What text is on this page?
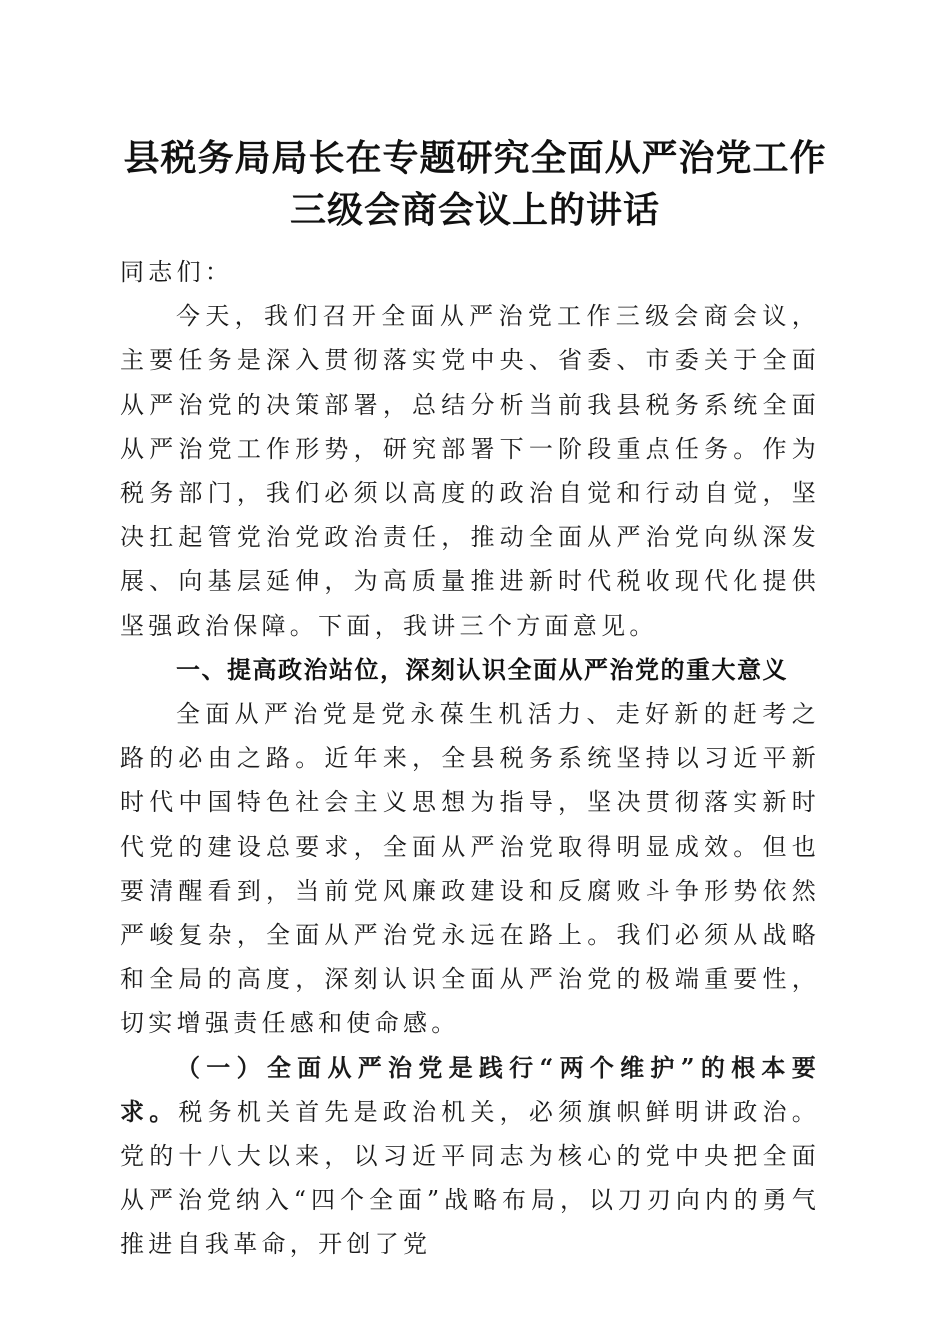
县税务局局长在专题研究全面从严治党工作三级会商会议上的讲话

同志们：

今天，我们召开全面从严治党工作三级会商会议，主要任务是深入贯彻落实党中央、省委、市委关于全面从严治党的决策部署，总结分析当前我县税务系统全面从严治党工作形势，研究部署下一阶段重点任务。作为税务部门，我们必须以高度的政治自觉和行动自觉，坚决扛起管党治党政治责任，推动全面从严治党向纵深发展、向基层延伸，为高质量推进新时代税收现代化提供坚强政治保障。下面，我讲三个方面意见。

一、提高政治站位，深刻认识全面从严治党的重大意义

全面从严治党是党永葆生机活力、走好新的赶考之路的必由之路。近年来，全县税务系统坚持以习近平新时代中国特色社会主义思想为指导，坚决贯彻落实新时代党的建设总要求，全面从严治党取得明显成效。但也要清醒看到，当前党风廉政建设和反腐败斗争形势依然严峻复杂，全面从严治党永远在路上。我们必须从战略和全局的高度，深刻认识全面从严治党的极端重要性，切实增强责任感和使命感。

（一）全面从严治党是践行“两个维护”的根本要求。税务机关首先是政治机关，必须旗帜鲜明讲政治。党的十八大以来，以习近平同志为核心的党中央把全面从严治党纳入“四个全面”战略布局，以刀刃向内的勇气推进自我革命，开创了党
